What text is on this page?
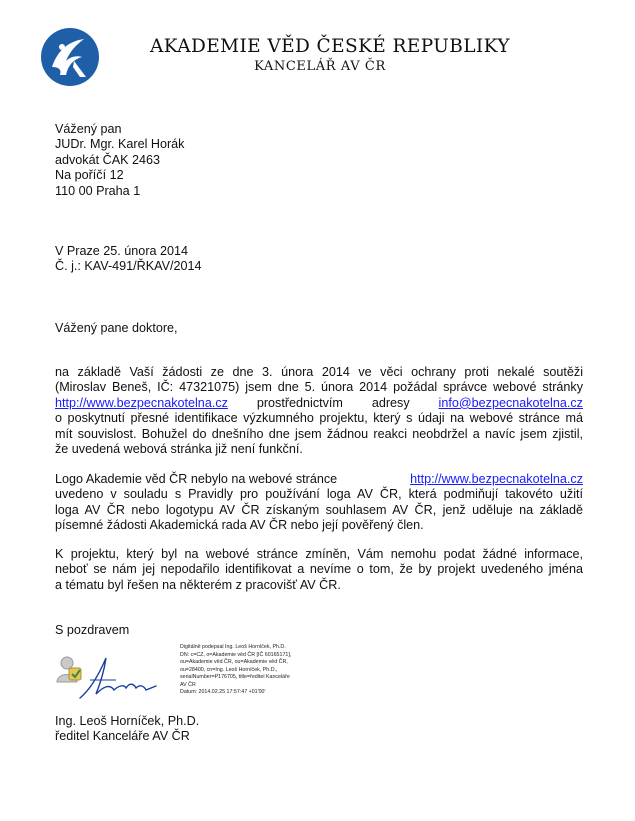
AKADEMIE VĚD ČESKÉ REPUBLIKY
KANCELÁŘ AV ČR
Vážený pan
JUDr. Mgr. Karel Horák
advokát ČAK 2463
Na poříčí 12
110 00 Praha 1
V Praze 25. února 2014
Č. j.: KAV-491/ŘKAV/2014
Vážený pane doktore,
na základě Vaší žádosti ze dne 3. února 2014 ve věci ochrany proti nekalé soutěži
(Miroslav Beneš, IČ: 47321075) jsem dne 5. února 2014 požádal správce webové stránky
http://www.bezpecnakotelna.cz prostřednictvím adresy info@bezpecnakotelna.cz
o poskytnutí přesné identifikace výzkumného projektu, který s údaji na webové stránce má
mít souvislost. Bohužel do dnešního dne jsem žádnou reakci neobdržel a navíc jsem zjistil,
že uvedená webová stránka již není funkční.
Logo Akademie věd ČR nebylo na webové stránce	http://www.bezpecnakotelna.cz
uvedeno v souladu s Pravidly pro používání loga AV ČR, která podmiňují takovéto užití
loga AV ČR nebo logotypu AV ČR získaným souhlasem AV ČR, jenž uděluje na základě
písemné žádosti Akademická rada AV ČR nebo její pověřený člen.
K projektu, který byl na webové stránce zmíněn, Vám nemohu podat žádné informace,
neboť se nám jej nepodařilo identifikovat a nevíme o tom, že by projekt uvedeného jména
a tématu byl řešen na některém z pracovišť AV ČR.
S pozdravem
Digitálně podepsal Ing. Leoš Horníček, Ph.D.
DN: c=CZ, o=Akademie věd ČR [IČ 60165171],
ou=Akademie věd ČR, ou=Akademie věd ČR,
ou=28400, cn=Ing. Leoš Horníček, Ph.D.,
serialNumber=P176705, title=ředitel Kanceláře
AV ČR
Datum: 2014.02.25 17:57:47 +01'00'
Ing. Leoš Horníček, Ph.D.
ředitel Kanceláře AV ČR
